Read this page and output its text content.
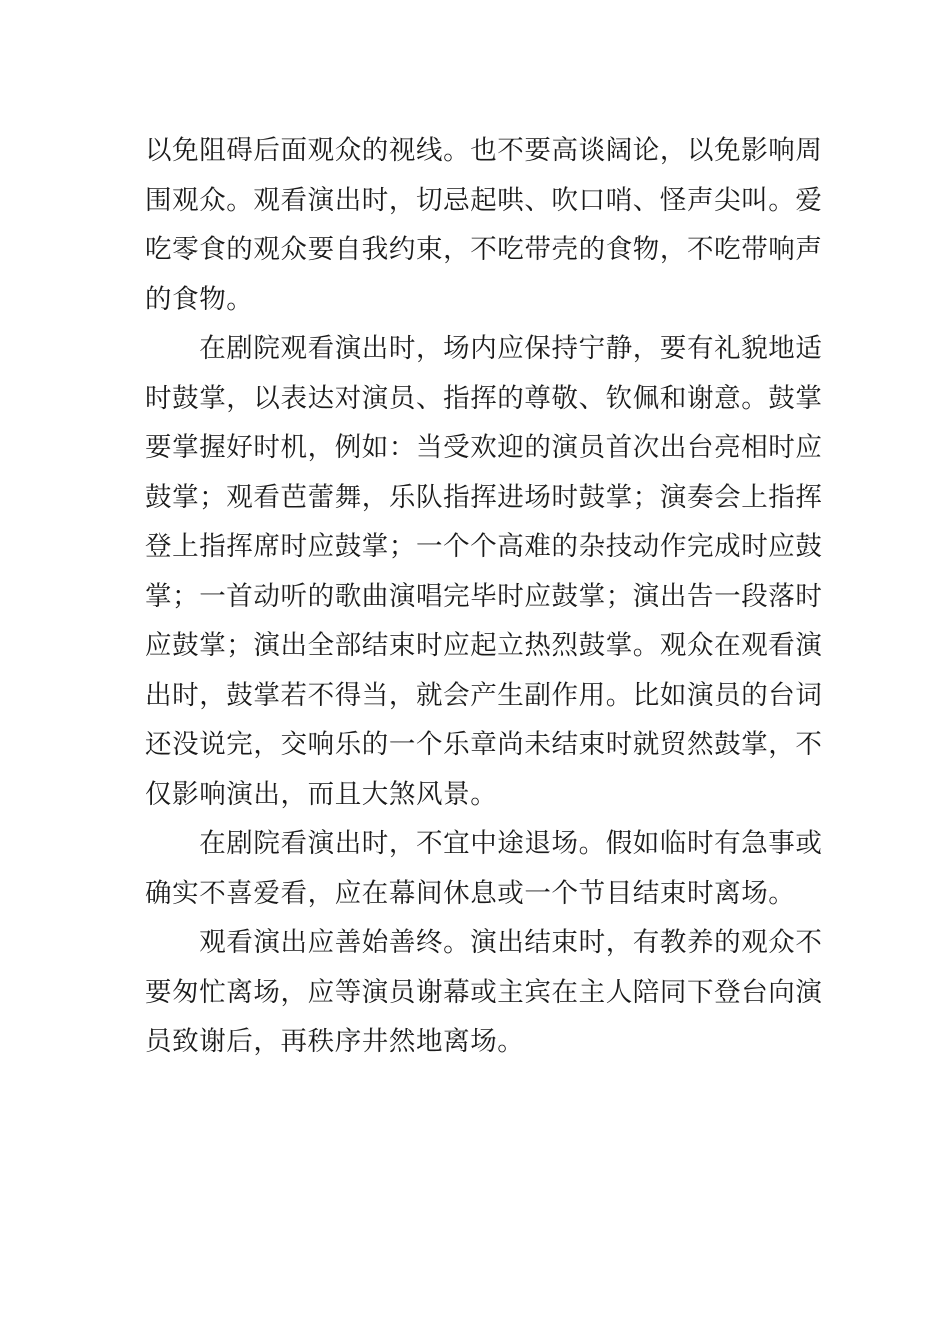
以免阻碍后面观众的视线。也不要高谈阔论，以免影响周
围观众。观看演出时，切忌起哄、吹口哨、怪声尖叫。爱
吃零食的观众要自我约束，不吃带壳的食物，不吃带响声
的食物。
　　在剧院观看演出时，场内应保持宁静，要有礼貌地适
时鼓掌，以表达对演员、指挥的尊敬、钦佩和谢意。鼓掌
要掌握好时机，例如：当受欢迎的演员首次出台亮相时应
鼓掌；观看芭蕾舞，乐队指挥进场时鼓掌；演奏会上指挥
登上指挥席时应鼓掌；一个个高难的杂技动作完成时应鼓
掌；一首动听的歌曲演唱完毕时应鼓掌；演出告一段落时
应鼓掌；演出全部结束时应起立热烈鼓掌。观众在观看演
出时，鼓掌若不得当，就会产生副作用。比如演员的台词
还没说完，交响乐的一个乐章尚未结束时就贸然鼓掌，不
仅影响演出，而且大煞风景。
　　在剧院看演出时，不宜中途退场。假如临时有急事或
确实不喜爱看，应在幕间休息或一个节目结束时离场。
　　观看演出应善始善终。演出结束时，有教养的观众不
要匆忙离场，应等演员谢幕或主宾在主人陪同下登台向演
员致谢后，再秩序井然地离场。
